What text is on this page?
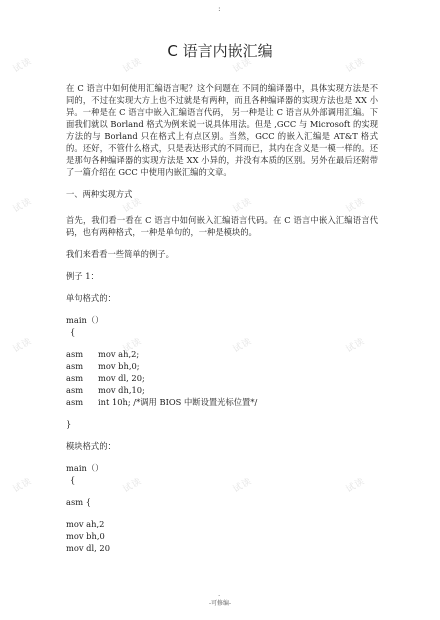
试读	试读	试读	试读
试读	试读	试读	试读
试读	试读	试读	试读
试读	试读	试读	试读
:
C 语言内嵌汇编

在 C 语言中如何使用汇编语言呢？这个问题在 不同的编译器中，具体实现方法是不同的，不过在实现大方上也不过就是有两种，而且各种编译器的实现方法也是 XX 小异。一种是在 C 语言中嵌入汇编语言代码， 另一种是让 C 语言从外部调用汇编。下面我们就以 Borland 格式为例来说一说具体用法。但是 ,GCC 与 Microsoft 的实现方法的与 Borland 只在格式上有点区别。当然，GCC 的嵌入汇编是 AT&T 格式的。还好，不管什么格式，只是表达形式的不同而已，其内在含义是一模一样的。还是那句各种编译器的实现方法是 XX 小异的，并没有本质的区别。另外在最后还附带了一篇介绍在 GCC 中使用内嵌汇编的文章。

一、两种实现方式

首先，我们看一看在 C 语言中如何嵌入汇编语言代码。在 C 语言中嵌入汇编语言代码，也有两种格式，一种是单句的，一种是模块的。

我们来看看一些简单的例子。

例子 1：

单句格式的：

main（）

{

asm mov ah,2;

asm mov bh,0;

asm mov dl, 20;

asm mov dh,10;

asm int 10h; /*调用 BIOS 中断设置光标位置*/

}

模块格式的：

main（）

{

asm {

mov ah,2

mov bh,0

mov dl, 20

.
-可修编-
